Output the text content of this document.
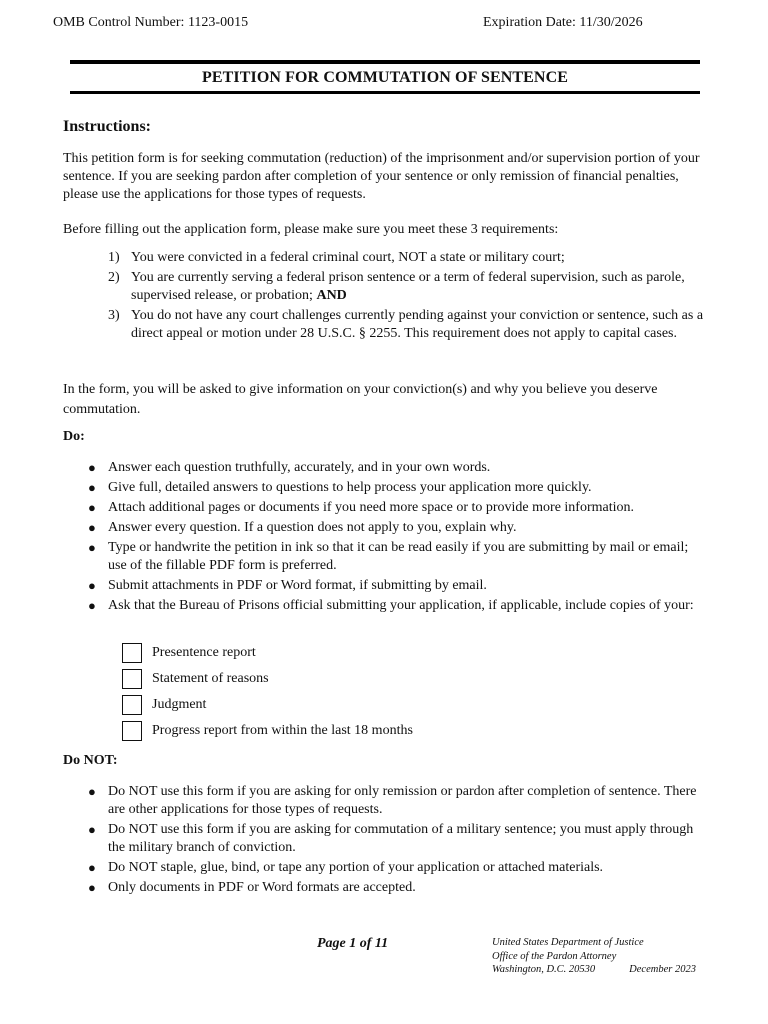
OMB Control Number: 1123-0015	Expiration Date: 11/30/2026
PETITION FOR COMMUTATION OF SENTENCE
Instructions:
This petition form is for seeking commutation (reduction) of the imprisonment and/or supervision portion of your sentence. If you are seeking pardon after completion of your sentence or only remission of financial penalties, please use the applications for those types of requests.
Before filling out the application form, please make sure you meet these 3 requirements:
1) You were convicted in a federal criminal court, NOT a state or military court;
2) You are currently serving a federal prison sentence or a term of federal supervision, such as parole, supervised release, or probation; AND
3) You do not have any court challenges currently pending against your conviction or sentence, such as a direct appeal or motion under 28 U.S.C. § 2255. This requirement does not apply to capital cases.
In the form, you will be asked to give information on your conviction(s) and why you believe you deserve commutation.
Do:
● Answer each question truthfully, accurately, and in your own words.
● Give full, detailed answers to questions to help process your application more quickly.
● Attach additional pages or documents if you need more space or to provide more information.
● Answer every question. If a question does not apply to you, explain why.
● Type or handwrite the petition in ink so that it can be read easily if you are submitting by mail or email; use of the fillable PDF form is preferred.
● Submit attachments in PDF or Word format, if submitting by email.
● Ask that the Bureau of Prisons official submitting your application, if applicable, include copies of your:
Presentence report
Statement of reasons
Judgment
Progress report from within the last 18 months
Do NOT:
● Do NOT use this form if you are asking for only remission or pardon after completion of sentence. There are other applications for those types of requests.
● Do NOT use this form if you are asking for commutation of a military sentence; you must apply through the military branch of conviction.
● Do NOT staple, glue, bind, or tape any portion of your application or attached materials.
● Only documents in PDF or Word formats are accepted.
Page 1 of 11	United States Department of Justice
Office of the Pardon Attorney
Washington, D.C. 20530	December 2023
